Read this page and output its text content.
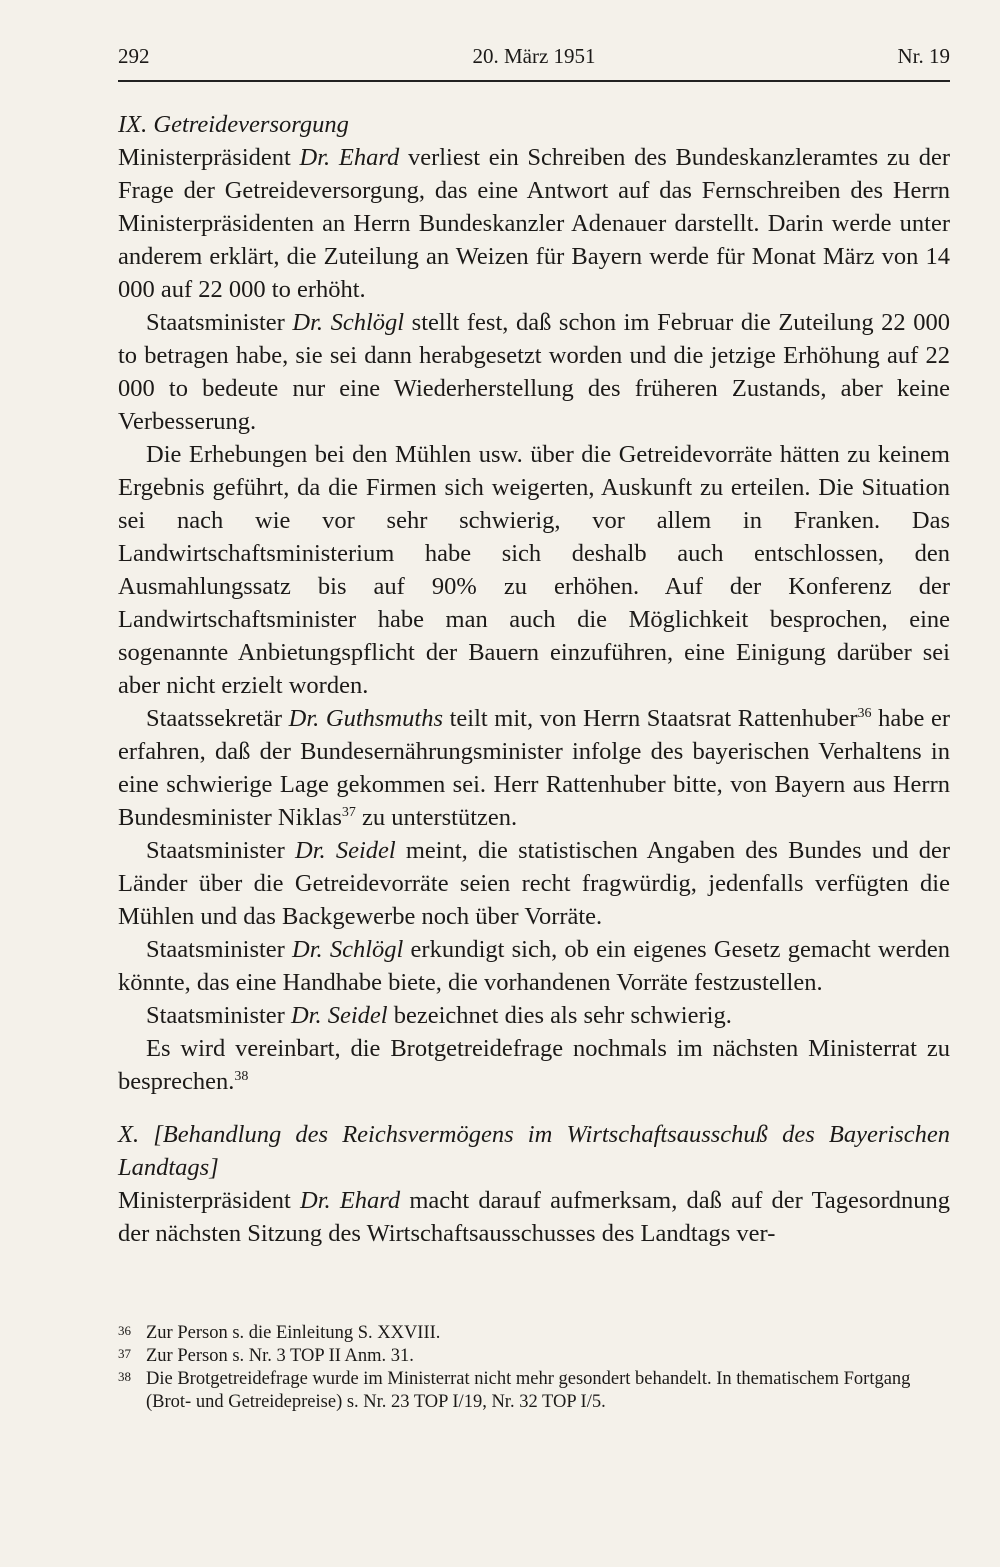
292	20. März 1951	Nr. 19
IX. Getreideversorgung

Ministerpräsident Dr. Ehard verliest ein Schreiben des Bundeskanzleramtes zu der Frage der Getreideversorgung, das eine Antwort auf das Fernschreiben des Herrn Ministerpräsidenten an Herrn Bundeskanzler Adenauer darstellt. Darin werde unter anderem erklärt, die Zuteilung an Weizen für Bayern werde für Monat März von 14 000 auf 22 000 to erhöht.

Staatsminister Dr. Schlögl stellt fest, daß schon im Februar die Zuteilung 22 000 to betragen habe, sie sei dann herabgesetzt worden und die jetzige Erhöhung auf 22 000 to bedeute nur eine Wiederherstellung des früheren Zustands, aber keine Verbesserung.

Die Erhebungen bei den Mühlen usw. über die Getreidevorräte hätten zu keinem Ergebnis geführt, da die Firmen sich weigerten, Auskunft zu erteilen. Die Situation sei nach wie vor sehr schwierig, vor allem in Franken. Das Landwirtschaftsministerium habe sich deshalb auch entschlossen, den Ausmahlungssatz bis auf 90% zu erhöhen. Auf der Konferenz der Landwirtschaftsminister habe man auch die Möglichkeit besprochen, eine sogenannte Anbietungspflicht der Bauern einzuführen, eine Einigung darüber sei aber nicht erzielt worden.

Staatssekretär Dr. Guthsmuths teilt mit, von Herrn Staatsrat Rattenhuber$^{36}$ habe er erfahren, daß der Bundesernährungsminister infolge des bayerischen Verhaltens in eine schwierige Lage gekommen sei. Herr Rattenhuber bitte, von Bayern aus Herrn Bundesminister Niklas$^{37}$ zu unterstützen.

Staatsminister Dr. Seidel meint, die statistischen Angaben des Bundes und der Länder über die Getreidevorräte seien recht fragwürdig, jedenfalls verfügten die Mühlen und das Backgewerbe noch über Vorräte.

Staatsminister Dr. Schlögl erkundigt sich, ob ein eigenes Gesetz gemacht werden könnte, das eine Handhabe biete, die vorhandenen Vorräte festzustellen.

Staatsminister Dr. Seidel bezeichnet dies als sehr schwierig.

Es wird vereinbart, die Brotgetreidefrage nochmals im nächsten Ministerrat zu besprechen.$^{38}$

X. [Behandlung des Reichsvermögens im Wirtschaftsausschuß des Bayerischen Landtags]

Ministerpräsident Dr. Ehard macht darauf aufmerksam, daß auf der Tagesordnung der nächsten Sitzung des Wirtschaftsausschusses des Landtags ver-

36 Zur Person s. die Einleitung S. XXVIII.
37 Zur Person s. Nr. 3 TOP II Anm. 31.
38 Die Brotgetreidefrage wurde im Ministerrat nicht mehr gesondert behandelt. In thematischem Fortgang (Brot- und Getreidepreise) s. Nr. 23 TOP I/19, Nr. 32 TOP I/5.
